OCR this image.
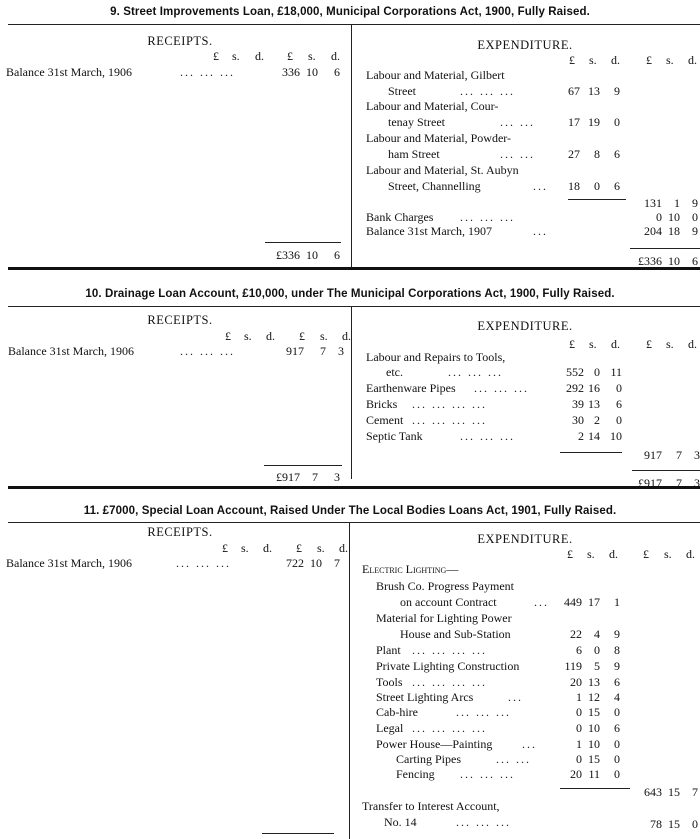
9. Street Improvements Loan, £18,000, Municipal Corporations Act, 1900, Fully Raised.
RECEIPTS.
£ s. d. £ s. d.
Balance 31st March, 1906	... ... ...	336 10	6
£336 10	6
EXPENDITURE.
£ s. d. £ s. d.
Labour and Material, Gilbert
Street	... ... ...	67 13	9
Labour and Material, Cour-
tenay Street	... ...	17 19	0
Labour and Material, Powder-
ham Street	... ...	27	8	6
Labour and Material, St. Aubyn
Street, Channelling	...	18	0	6
131	1	9
Bank Charges ... ... ...	0 10	0
Balance 31st March, 1907	...	204 18	9
£336 10	6
10. Drainage Loan Account, £10,000, under The Municipal Corporations Act, 1900, Fully Raised.
RECEIPTS.
£ s. d. £ s. d.
Balance 31st March, 1906	... ... ...	917	7	3
£917	7	3
EXPENDITURE.
£ s. d. £ s. d.
Labour and Repairs to Tools,
etc.	... ... ...	552 0 11
Earthenware Pipes ... ... ...	292 16	0
Bricks ... ... ... ...	39 13	6
Cement ... ... ... ...	30 2	0
Septic Tank	... ... ...	2 14 10
917	7	3
£917	7	3
11. £7000, Special Loan Account, Raised Under The Local Bodies Loans Act, 1901, Fully Raised.
RECEIPTS.
£ s. d. £ s. d.
Balance 31st March, 1906	... ... ...	722 10	7
EXPENDITURE.
£ s. d. £ s. d.
Electric Lighting—
Brush Co. Progress Payment
on account Contract	...	449 17	1
Material for Lighting Power
House and Sub-Station	22	4	9
Plant ... ... ... ...	6	0	8
Private Lighting Construction	119	5	9
Tools ... ... ... ...	20 13	6
Street Lighting Arcs	...	1 12	4
Cab-hire	... ... ...	0 15	0
Legal ... ... ... ...	0 10	6
Power House—Painting ...	1 10	0
Carting Pipes	... ...	0 15	0
Fencing ... ... ...	20 11	0
643 15	7
Transfer to Interest Account,
No. 14	... ... ...	78 15	0
